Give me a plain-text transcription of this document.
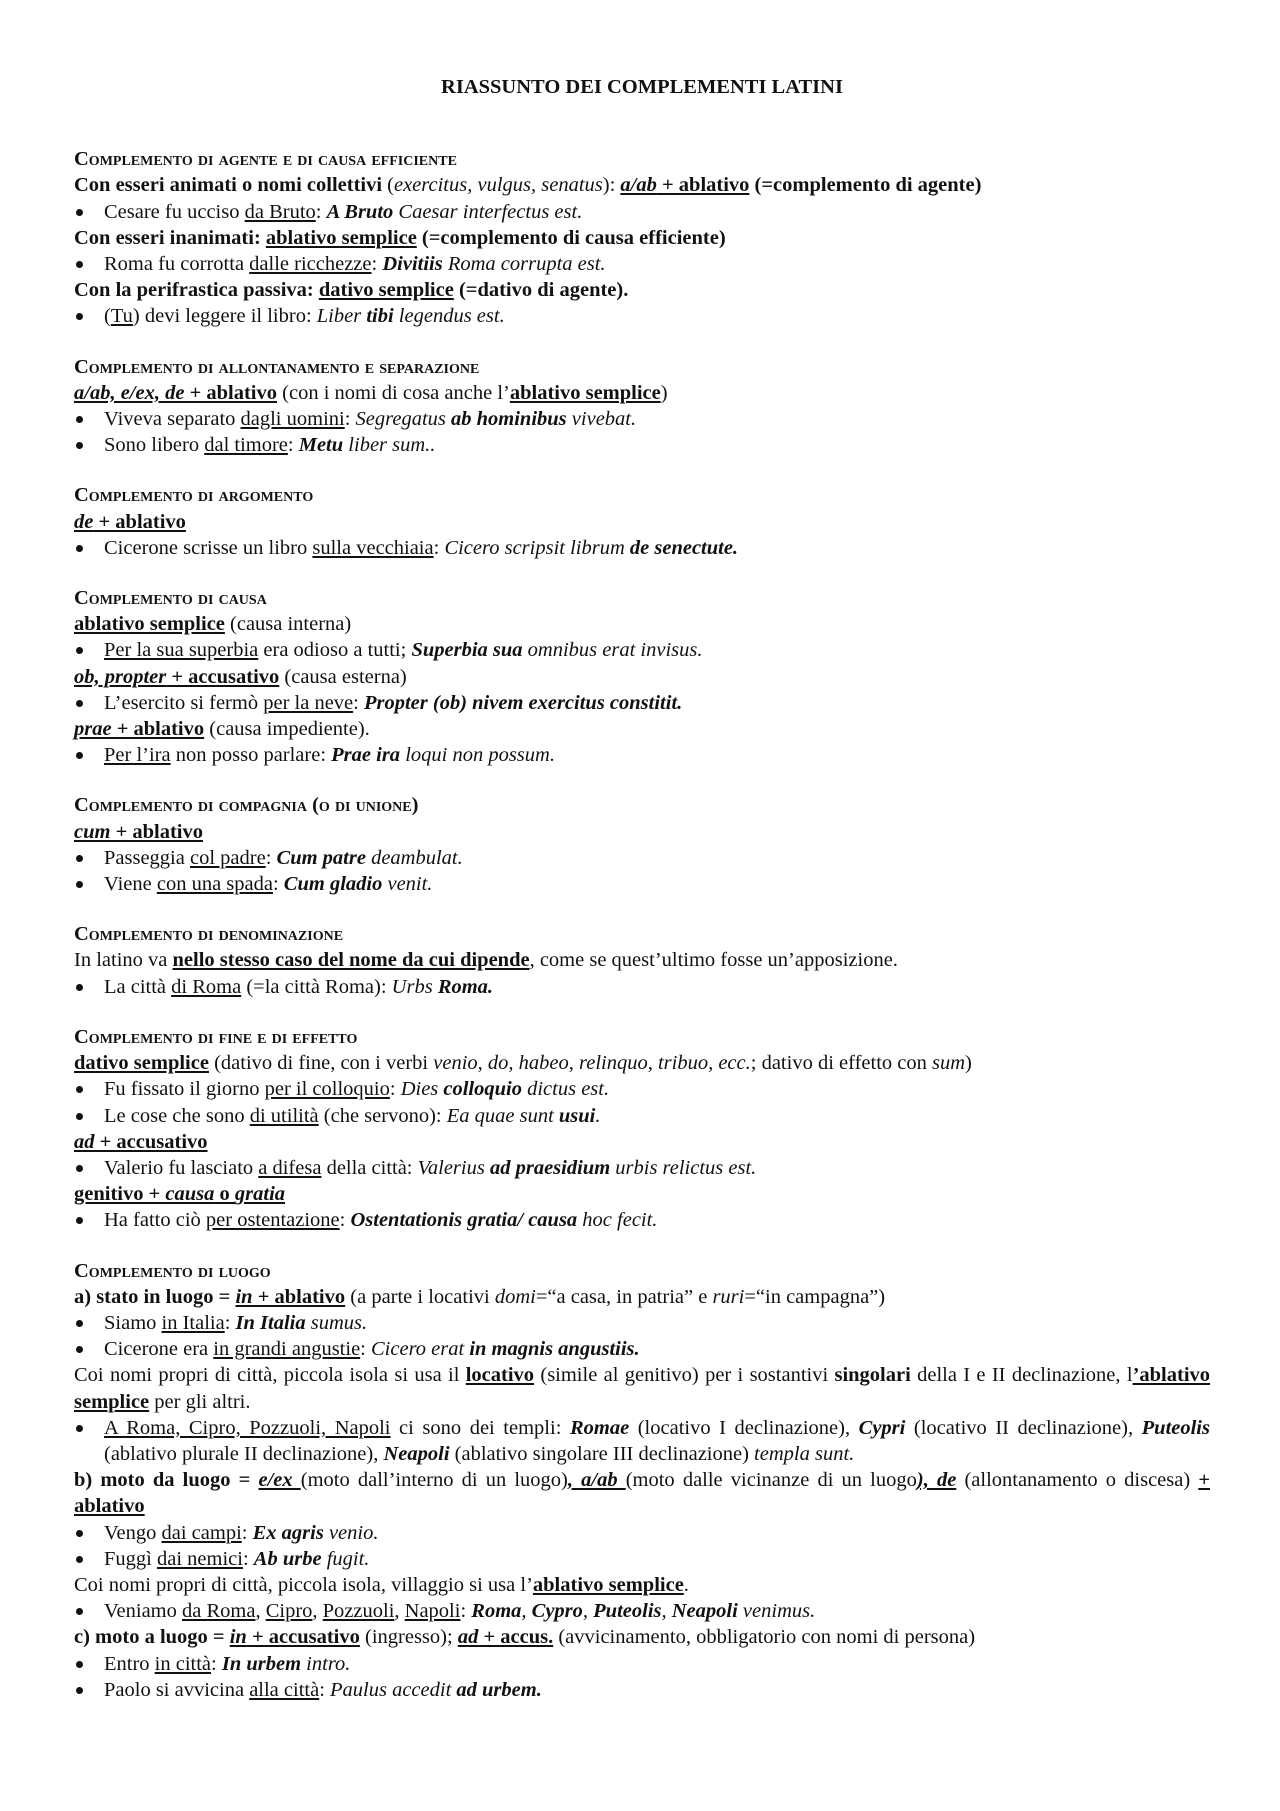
RIASSUNTO DEI COMPLEMENTI LATINI
Complemento di agente e di causa efficiente
Con esseri animati o nomi collettivi (exercitus, vulgus, senatus): a/ab + ablativo (=complemento di agente)
Cesare fu ucciso da Bruto: A Bruto Caesar interfectus est.
Con esseri inanimati: ablativo semplice (=complemento di causa efficiente)
Roma fu corrotta dalle ricchezze: Divitiis Roma corrupta est.
Con la perifrastica passiva: dativo semplice (=dativo di agente).
(Tu) devi leggere il libro: Liber tibi legendus est.
Complemento di allontanamento e separazione
a/ab, e/ex, de + ablativo (con i nomi di cosa anche l’ablativo semplice)
Viveva separato dagli uomini: Segregatus ab hominibus vivebat.
Sono libero dal timore: Metu liber sum..
Complemento di argomento
de + ablativo
Cicerone scrisse un libro sulla vecchiaia: Cicero scripsit librum de senectute.
Complemento di causa
ablativo semplice (causa interna)
Per la sua superbia era odioso a tutti; Superbia sua omnibus erat invisus.
ob, propter + accusativo (causa esterna)
L’esercito si fermò per la neve: Propter (ob) nivem exercitus constitit.
prae + ablativo (causa impediente).
Per l’ira non posso parlare: Prae ira loqui non possum.
Complemento di compagnia (o di unione)
cum + ablativo
Passeggia col padre: Cum patre deambulat.
Viene con una spada: Cum gladio venit.
Complemento di denominazione
In latino va nello stesso caso del nome da cui dipende, come se quest’ultimo fosse un’apposizione.
La città di Roma (=la città Roma): Urbs Roma.
Complemento di fine e di effetto
dativo semplice (dativo di fine, con i verbi venio, do, habeo, relinquo, tribuo, ecc.; dativo di effetto con sum)
Fu fissato il giorno per il colloquio: Dies colloquio dictus est.
Le cose che sono di utilità (che servono): Ea quae sunt usui.
ad + accusativo
Valerio fu lasciato a difesa della città: Valerius ad praesidium urbis relictus est.
genitivo + causa o gratia
Ha fatto ciò per ostentazione: Ostentationis gratia/ causa hoc fecit.
Complemento di luogo
a) stato in luogo = in + ablativo (a parte i locativi domi=“a casa, in patria” e ruri=“in campagna”)
Siamo in Italia: In Italia sumus.
Cicerone era in grandi angustie: Cicero erat in magnis angustiis.
Coi nomi propri di città, piccola isola si usa il locativo (simile al genitivo) per i sostantivi singolari della I e II declinazione, l’ablativo semplice per gli altri.
A Roma, Cipro, Pozzuoli, Napoli ci sono dei templi: Romae (locativo I declinazione), Cypri (locativo II declinazione), Puteolis (ablativo plurale II declinazione), Neapoli (ablativo singolare III declinazione) templa sunt.
b) moto da luogo = e/ex (moto dall’interno di un luogo), a/ab (moto dalle vicinanze di un luogo), de (allontanamento o discesa) + ablativo
Vengo dai campi: Ex agris venio.
Fuggì dai nemici: Ab urbe fugit.
Coi nomi propri di città, piccola isola, villaggio si usa l’ablativo semplice.
Veniamo da Roma, Cipro, Pozzuoli, Napoli: Roma, Cypro, Puteolis, Neapoli venimus.
c) moto a luogo = in + accusativo (ingresso); ad + accus. (avvicinamento, obbligatorio con nomi di persona)
Entro in città: In urbem intro.
Paolo si avvicina alla città: Paulus accedit ad urbem.
